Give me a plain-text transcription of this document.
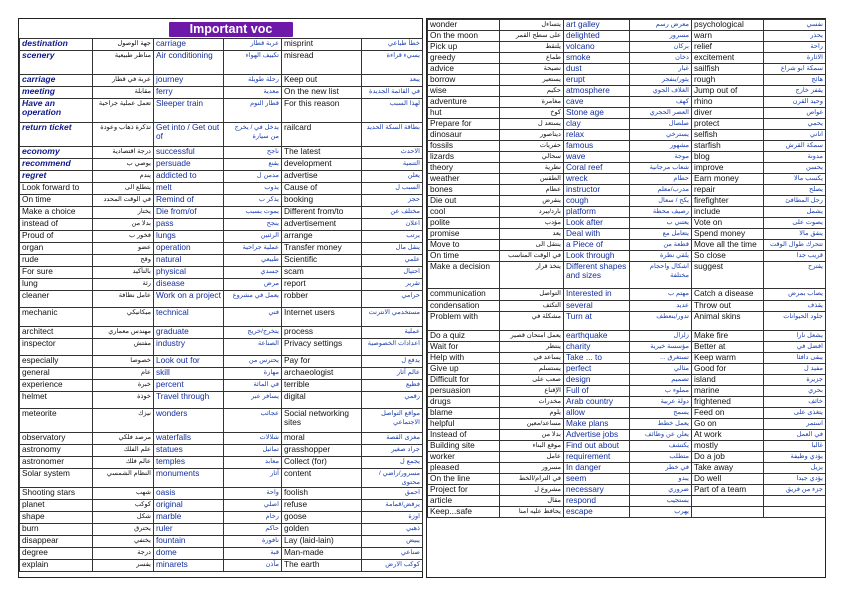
Important voc
destination	جهة الوصول	carriage	عربة قطار	misprint	خطأ طباعي
scenery	مناظر طبيعية	Air conditioning	تكييف الهواء	misread	يسيء قراءة
carriage	عربة في قطار	journey	رحلة طويلة	Keep out	يبعد
meeting	مقابلة	ferry	معدية	On the new list	في القائمة الجديدة
Have an operation	تعمل عملية جراحية	Sleeper train	قطار النوم	For this reason	لهذا السبب
return ticket	تذكرة ذهاب وعودة	Get into / Get out of	يدخل في / يخرج من سيارة	railcard	بطاقة السكة الحديد
economy	درجة اقتصادية	successful	ناجح	The latest	الاحدث
recommend	يوصي ب	persuade	يقنع	development	التنمية
regret	يندم	addicted to	مدمن ل	advertise	يعلن
Look forward to	يتطلع الى	melt	يذوب	Cause of	السبب ل
On time	في الوقت المحدد	Remind of	يذكر ب	booking	حجز
Make a choice	يختار	Die from/of	يموت بسبب	Different from/to	مختلف عن
instead of	بدلا من	pass	ينجح	advertisement	اعلان
Proud of	فخور ب	lungs	الرئتين	arrange	يرتب
organ	عضو	operation	عملية جراحية	Transfer money	ينقل مال
rude	وقح	natural	طبيعي	Scientific	علمي
For sure	بالتأكيد	physical	جسدي	scam	احتيال
lung	رئة	disease	مرض	report	تقرير
cleaner	عامل نظافة	Work on a project	يعمل في مشروع	robber	حرامي
mechanic	ميكانيكي	technical	فني	Internet users	مستخدمي الانترنت
architect	مهندس معماري	graduate	يتخرج/خريج	process	عملية
inspector	مفتش	industry	الصناعة	Privacy settings	اعدادات الخصوصية
especially	خصوصا	Look out for	يحترس من	Pay for	يدفع ل
general	عام	skill	مهارة	archaeologist	عالم آثار
experience	خبرة	percent	في المائة	terrible	فظيع
helmet	خوذة	Travel through	يسافر عبر	digital	رقمي
meteorite	نيزك	wonders	عجائب	Social networking sites	مواقع التواصل الاجتماعي
observatory	مرصد فلكي	waterfalls	شلالات	moral	مغزى القصة
astronomy	علم الفلك	statues	تماثيل	grasshopper	جراد صغير
astronomer	عالم فلك	temples	معابد	Collect (for)	يجمع ل
Solar system	النظام الشمسي	monuments	آثار	content	مسرور/راضي /محتوى
Shooting stars	شهب	oasis	واحة	foolish	احمق
planet	كوكب	original	اصلي	refuse	يرفض/قمامة
shape	شكل	marble	رخام	goose	اوزة
burn	يحترق	ruler	حاكم	golden	ذهبي
disappear	يختفي	fountain	نافورة	Lay (laid-lain)	يبيض
degree	درجة	dome	قبة	Man-made	صناعي
explain	يفسر	minarets	مآذن	The earth	كوكب الارض
wonder	يتساءل	art galley	معرض رسم	psychological	نفسي
On the moon	على سطح القمر	delighted	مسرور	warn	يحذر
Pick up	يلتقط	volcano	بركان	relief	راحة
greedy	طماع	smoke	دخان	excitement	الاثارة
advice	نصيحة	dust	غبار	sailfish	سمكة ابو شراع
borrow	يستعير	erupt	يثور/ينفجر	rough	هائج
wise	حكيم	atmosphere	الغلاف الجوي	Jump out of	يقفز خارج
adventure	مغامرة	cave	كهف	rhino	وحيد القرن
hut	كوخ	Stone age	العصر الحجري	diver	غواص
Prepare for	يستعد ل	clay	صلصال	protect	يحمي
dinosaur	ديناصور	relax	يسترخي	selfish	اناني
fossils	حفريات	famous	مشهور	starfish	سمكة القرش
lizards	سحالي	wave	موجة	blog	مدونة
theory	نظرية	Coral reef	شعاب مرجانية	improve	يحسن
weather	الطقس	wreck	حطام	Earn money	يكسب مالا
bones	عظام	instructor	مدرب/معلم	repair	يصلح
Die out	ينقرض	cough	يكح / سعال	firefighter	رجل المطافئ
cool	بارد/يبرد	platform	رصيف محطة	include	يشمل
polite	مؤدب	Look after	يعتني ب	Vote on	يصوت على
promise	يعد	Deal with	يتعامل مع	Spend money	ينفق مالا
Move to	ينتقل الى	a Piece of	قطعة من	Move all the time	تتحرك طوال الوقت
On time	في الوقت المناسب	Look through	يلقي نظرة	So close	قريب جدا
Make a decision	يتخذ قرار	Different shapes and sizes	اشكال واحجام مختلفة	suggest	يقترح
communication	التواصل	Interested in	مهتم ب	Catch a disease	يصاب بمرض
condensation	التكثف	several	عديد	Throw out	يقذف
Problem with	مشكلة في	Turn at	تدور/ينعطف	Animal skins	جلود الحيوانات
Do a quiz	يعمل امتحان قصير	earthquake	زلزال	Make fire	يشعل نارا
Wait for	ينتظر	charity	مؤسسة خيرية	Better at	افضل في
Help with	يساعد في	Take ... to	تستغرق ...	Keep warm	يبقى دافئا
Give up	يستسلم	perfect	مثالي	Good for	مفيد ل
Difficult for	صعب على	design	تصميم	island	جزيرة
persuasion	الإقناع	Full of	مملوء ب	marine	بحري
drugs	مخدرات	Arab country	دولة عربية	frightened	خائف
blame	يلوم	allow	يسمح	Feed on	يتغذى على
helpful	مساعد/معين	Make plans	يعمل خطط	Go on	استمر
Instead of	بدلا من	Advertise jobs	يعلن عن وظائف	At work	في العمل
Building site	موقع البناء	Find out about	يكتشف	mostly	غالبا
worker	عامل	requirement	متطلب	Do a job	يؤدي وظيفة
pleased	مسرور	In danger	في خطر	Take away	يزيل
On the line	في الترام/الخط	seem	يبدو	Do well	يؤدي جيدا
Project for	مشروع ل	necessary	ضروري	Part of a team	جزء من فريق
article	مقال	respond	يستجيب		
Keep...safe	يحافظ عليه امنا	escape	يهرب		
